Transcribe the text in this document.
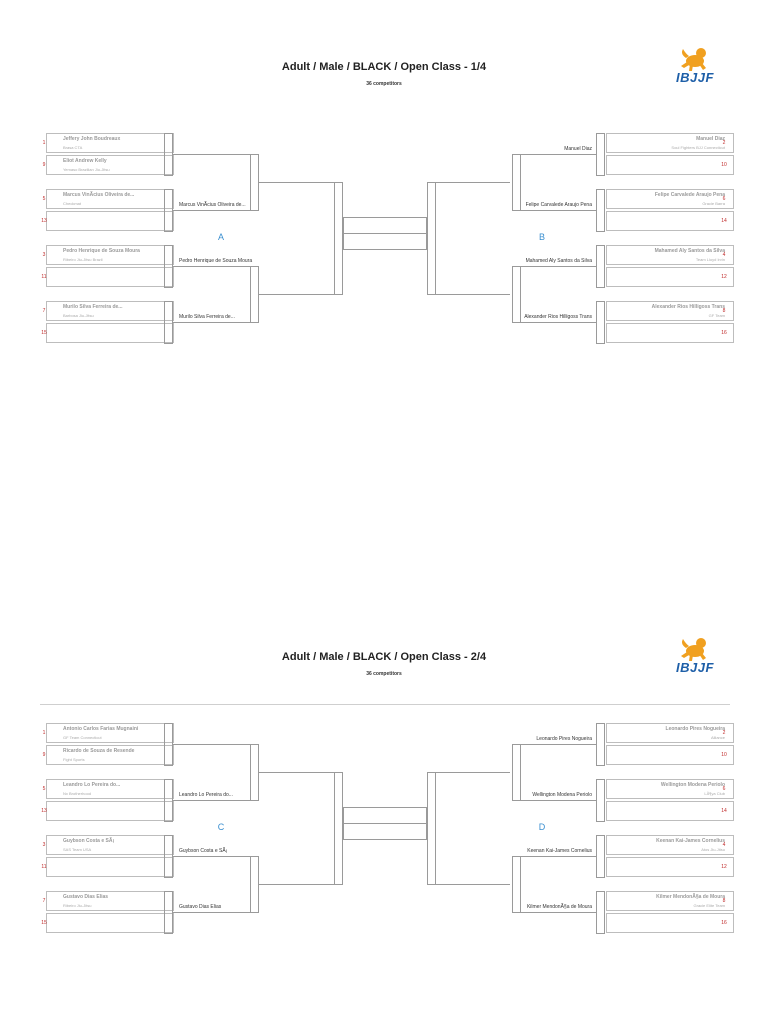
Adult / Male / BLACK / Open Class - 1/4
36 competitors	IBJJF
Jeffery John Boudreaux
Brasa CTA
1
Eliot Andrew Kelly
Yemaso Brazilian Jiu-Jitsu
9
Marcus VinÃcius Oliveira de...
Checkmat
5
13
Pedro Henrique de Souza Moura
Ribeiro Jiu-Jitsu Brazil
3
11
Murilo Silva Ferreira de...
Barbosa Jiu-Jitsu
7
15
Marcus VinÃcius Oliveira de...
Pedro Henrique de Souza Moura
Murilo Silva Ferreira de...
A
Manuel Diaz
Soul Fighters BJJ Connecticut
2
10
Felipe Carvalede Araujo Pena
Gracie Barra
6
14
Mahamed Aly Santos da Silva
Team Lloyd Irvin
4
12
Alexander Rios Hilligoss Trans
GF Team
8
16
Manuel Diaz
Felipe Carvalede Araujo Pena
Mahamed Aly Santos da Silva
Alexander Rios Hilligoss Trans
B
Adult / Male / BLACK / Open Class - 2/4
36 competitors	IBJJF
Antonio Carlos Farias Mugnaini
GF Team Connecticut
1
Ricardo de Souza de Resende
Fight Sports
9
Leandro Lo Pereira do...
Nx Brotherhood
5
13
Guybson Costa e SÃ¡
SAS Team USA
3
11
Gustavo Dias Elias
Ribeiro Jiu-Jitsu
7
15
Leandro Lo Pereira do...
Guybson Costa e SÃ¡
Gustavo Dias Elias
C
Leonardo Pires Nogueira
Alliance
2
10
Wellington Modena Periolo
LÃ¶ya Club
6
14
Keenan Kai-James Cornelius
Atos Jiu-Jitsu
4
12
Kilmer MendonÃ§a de Moura
Gracie Elite Team
8
16
Leonardo Pires Nogueira
Wellington Modena Periolo
Keenan Kai-James Cornelius
Kilmer MendonÃ§a de Moura
D
